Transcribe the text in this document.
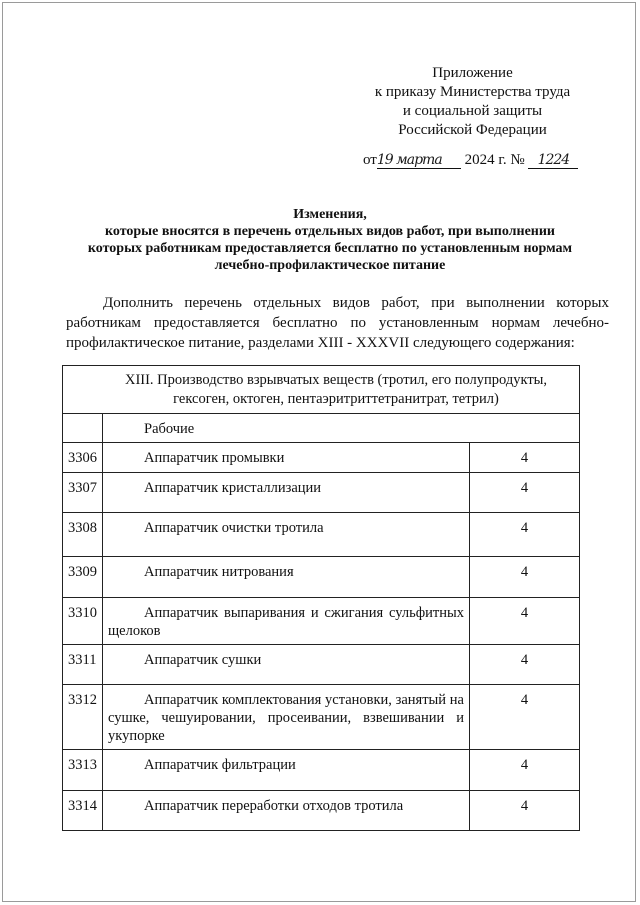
Приложение
к приказу Министерства труда
и социальной защиты
Российской Федерации
от19 марта 2024 г. № 1224
Изменения,
которые вносятся в перечень отдельных видов работ, при выполнении
которых работникам предоставляется бесплатно по установленным нормам
лечебно-профилактическое питание
Дополнить перечень отдельных видов работ, при выполнении которых работникам предоставляется бесплатно по установленным нормам лечебно-профилактическое питание, разделами XIII - XXXVII следующего содержания:
XIII. Производство взрывчатых веществ (тротил, его полупродукты, гексоген, октоген, пентаэритриттетранитрат, тетрил)		
	Рабочие	
3306	Аппаратчик промывки	4
3307	Аппаратчик кристаллизации	4
3308	Аппаратчик очистки тротила	4
3309	Аппаратчик нитрования	4
3310	Аппаратчик выпаривания и сжигания сульфитных щелоков	4
3311	Аппаратчик сушки	4
3312	Аппаратчик комплектования установки, занятый на сушке, чешуировании, просеивании, взвешивании и укупорке	4
3313	Аппаратчик фильтрации	4
3314	Аппаратчик переработки отходов тротила	4
